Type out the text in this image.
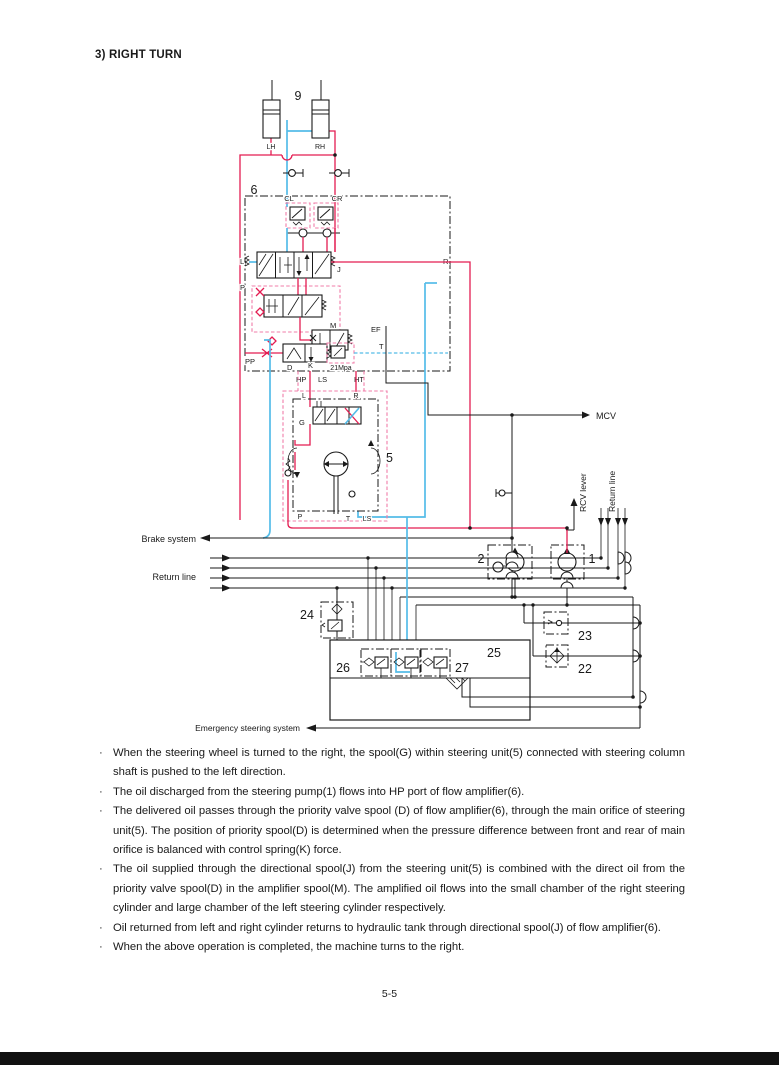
3) RIGHT TURN
LH	RH
9
6
CL	CR
L	R
J
P
M
PP
D K 21Mpa
EF
T
HP LS	HT
5
L	R
G
P	T LS
MCV
RCV lever Return line
2	1
Brake system
Return line
23
22
24
25
26	27
Emergency steering system
· When the steering wheel is turned to the right, the spool(G) within steering unit(5) connected with steering column shaft is pushed to the left direction.
· The oil discharged from the steering pump(1) flows into HP port of flow amplifier(6).
· The delivered oil passes through the priority valve spool (D) of flow amplifier(6), through the main orifice of steering unit(5). The position of priority spool(D) is determined when the pressure difference between front and rear of main orifice is balanced with control spring(K) force.
· The oil supplied through the directional spool(J) from the steering unit(5) is combined with the direct oil from the priority valve spool(D) in the amplifier spool(M). The amplified oil flows into the small chamber of the right steering cylinder and large chamber of the left steering cylinder respectively.
· Oil returned from left and right cylinder returns to hydraulic tank through directional spool(J) of flow amplifier(6).
· When the above operation is completed, the machine turns to the right.
5-5
